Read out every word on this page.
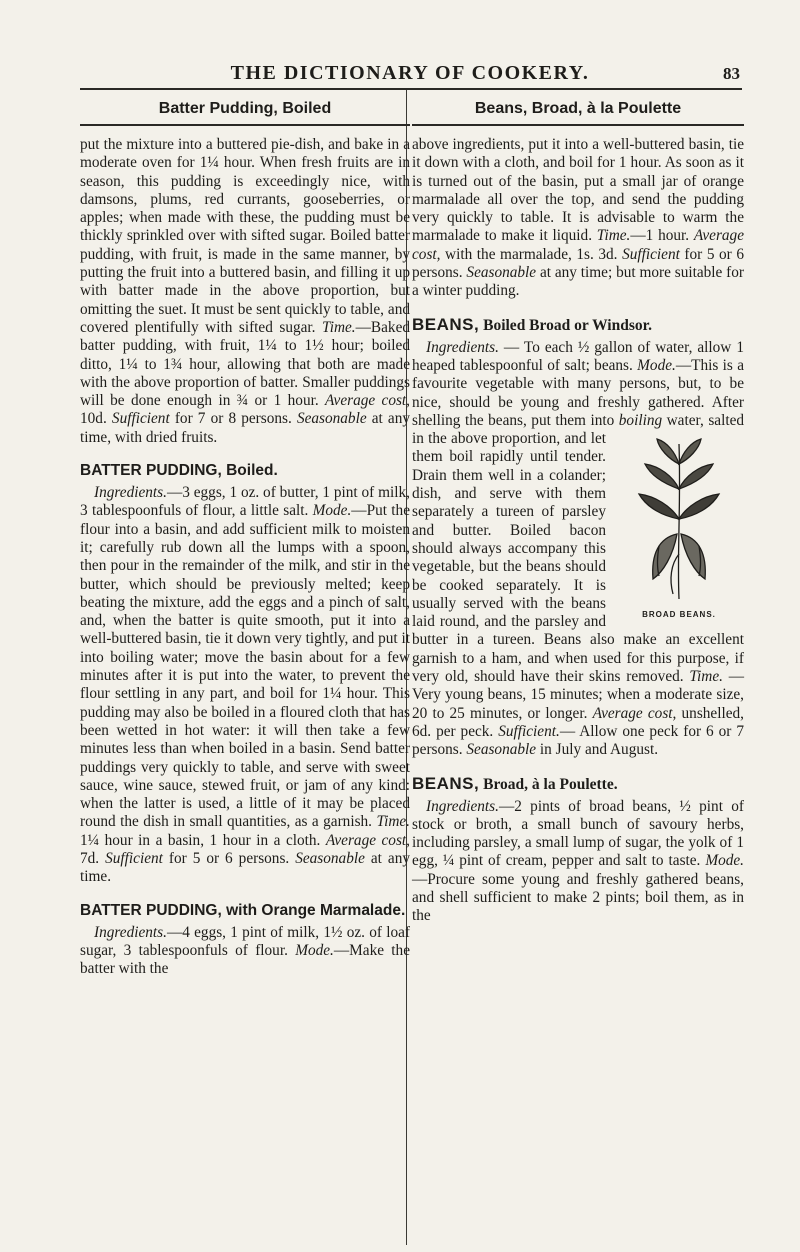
THE DICTIONARY OF COOKERY.	83
Batter Pudding, Boiled

put the mixture into a buttered pie-dish, and bake in a moderate oven for 1¼ hour. When fresh fruits are in season, this pudding is exceedingly nice, with damsons, plums, red currants, gooseberries, or apples; when made with these, the pudding must be thickly sprinkled over with sifted sugar. Boiled batter pudding, with fruit, is made in the same manner, by putting the fruit into a buttered basin, and filling it up with batter made in the above proportion, but omitting the suet. It must be sent quickly to table, and covered plentifully with sifted sugar. Time.—Baked batter pudding, with fruit, 1¼ to 1½ hour; boiled ditto, 1¼ to 1¾ hour, allowing that both are made with the above proportion of batter. Smaller puddings will be done enough in ¾ or 1 hour. Average cost, 10d. Sufficient for 7 or 8 persons. Seasonable at any time, with dried fruits.

BATTER PUDDING, Boiled.

Ingredients.—3 eggs, 1 oz. of butter, 1 pint of milk, 3 tablespoonfuls of flour, a little salt. Mode.—Put the flour into a basin, and add sufficient milk to moisten it; carefully rub down all the lumps with a spoon, then pour in the remainder of the milk, and stir in the butter, which should be previously melted; keep beating the mixture, add the eggs and a pinch of salt, and, when the batter is quite smooth, put it into a well-buttered basin, tie it down very tightly, and put it into boiling water; move the basin about for a few minutes after it is put into the water, to prevent the flour settling in any part, and boil for 1¼ hour. This pudding may also be boiled in a floured cloth that has been wetted in hot water: it will then take a few minutes less than when boiled in a basin. Send batter puddings very quickly to table, and serve with sweet sauce, wine sauce, stewed fruit, or jam of any kind: when the latter is used, a little of it may be placed round the dish in small quantities, as a garnish. Time. 1¼ hour in a basin, 1 hour in a cloth. Average cost, 7d. Sufficient for 5 or 6 persons. Seasonable at any time.

BATTER PUDDING, with Orange Marmalade.

Ingredients.—4 eggs, 1 pint of milk, 1½ oz. of loaf sugar, 3 tablespoonfuls of flour. Mode.—Make the batter with the

Beans, Broad, à la Poulette

above ingredients, put it into a well-buttered basin, tie it down with a cloth, and boil for 1 hour. As soon as it is turned out of the basin, put a small jar of orange marmalade all over the top, and send the pudding very quickly to table. It is advisable to warm the marmalade to make it liquid. Time.—1 hour. Average cost, with the marmalade, 1s. 3d. Sufficient for 5 or 6 persons. Seasonable at any time; but more suitable for a winter pudding.

BEANS, Boiled Broad or Windsor.

Ingredients. — To each ½ gallon of water, allow 1 heaped tablespoonful of salt; beans. Mode.—This is a favourite vegetable with many persons, but, to be nice, should be young and freshly gathered. After shelling the beans, put them into
BROAD BEANS.
boiling water, salted in the above proportion, and let them boil rapidly until tender. Drain them well in a colander; dish, and serve with them separately a tureen of parsley and butter. Boiled bacon should always accompany this vegetable, but the beans should be cooked separately. It is usually served with the beans laid round, and the parsley and butter in a tureen. Beans also make an excellent garnish to a ham, and when used for this purpose, if very old, should have their skins removed. Time. — Very young beans, 15 minutes; when a moderate size, 20 to 25 minutes, or longer. Average cost, unshelled, 6d. per peck. Sufficient.— Allow one peck for 6 or 7 persons. Seasonable in July and August.

BEANS, Broad, à la Poulette.

Ingredients.—2 pints of broad beans, ½ pint of stock or broth, a small bunch of savoury herbs, including parsley, a small lump of sugar, the yolk of 1 egg, ¼ pint of cream, pepper and salt to taste. Mode.—Procure some young and freshly gathered beans, and shell sufficient to make 2 pints; boil them, as in the
